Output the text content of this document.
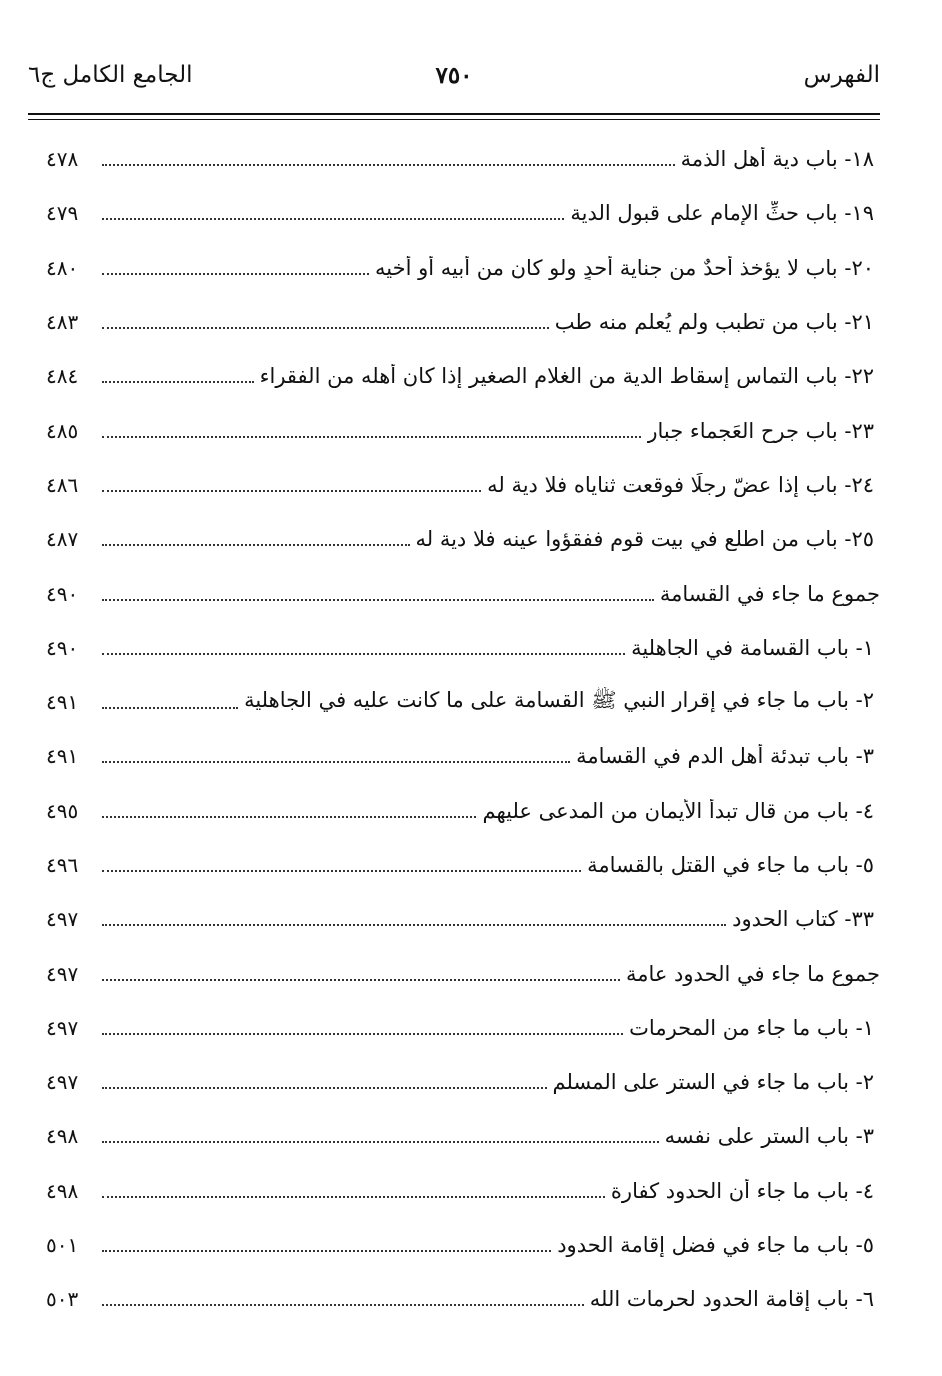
الفهرس
٧٥٠
الجامع الكامل ج٦
٤٧٨	١٨- باب دية أهل الذمة
٤٧٩	١٩- باب حثِّ الإمام على قبول الدية
٤٨٠	٢٠- باب لا يؤخذ أحدٌ من جناية أحدٍ ولو كان من أبيه أو أخيه
٤٨٣	٢١- باب من تطبب ولم يُعلم منه طب
٤٨٤	٢٢- باب التماس إسقاط الدية من الغلام الصغير إذا كان أهله من الفقراء
٤٨٥	٢٣- باب جرح العَجماء جبار
٤٨٦	٢٤- باب إذا عضّ رجلًا فوقعت ثناياه فلا دية له
٤٨٧	٢٥- باب من اطلع في بيت قوم ففقؤوا عينه فلا دية له
٤٩٠	جموع ما جاء في القسامة
٤٩٠	١- باب القسامة في الجاهلية
٤٩١	٢- باب ما جاء في إقرار النبي ﷺ القسامة على ما كانت عليه في الجاهلية
٤٩١	٣- باب تبدئة أهل الدم في القسامة
٤٩٥	٤- باب من قال تبدأ الأيمان من المدعى عليهم
٤٩٦	٥- باب ما جاء في القتل بالقسامة
٤٩٧	٣٣- كتاب الحدود
٤٩٧	جموع ما جاء في الحدود عامة
٤٩٧	١- باب ما جاء من المحرمات
٤٩٧	٢- باب ما جاء في الستر على المسلم
٤٩٨	٣- باب الستر على نفسه
٤٩٨	٤- باب ما جاء أن الحدود كفارة
٥٠١	٥- باب ما جاء في فضل إقامة الحدود
٥٠٣	٦- باب إقامة الحدود لحرمات الله
